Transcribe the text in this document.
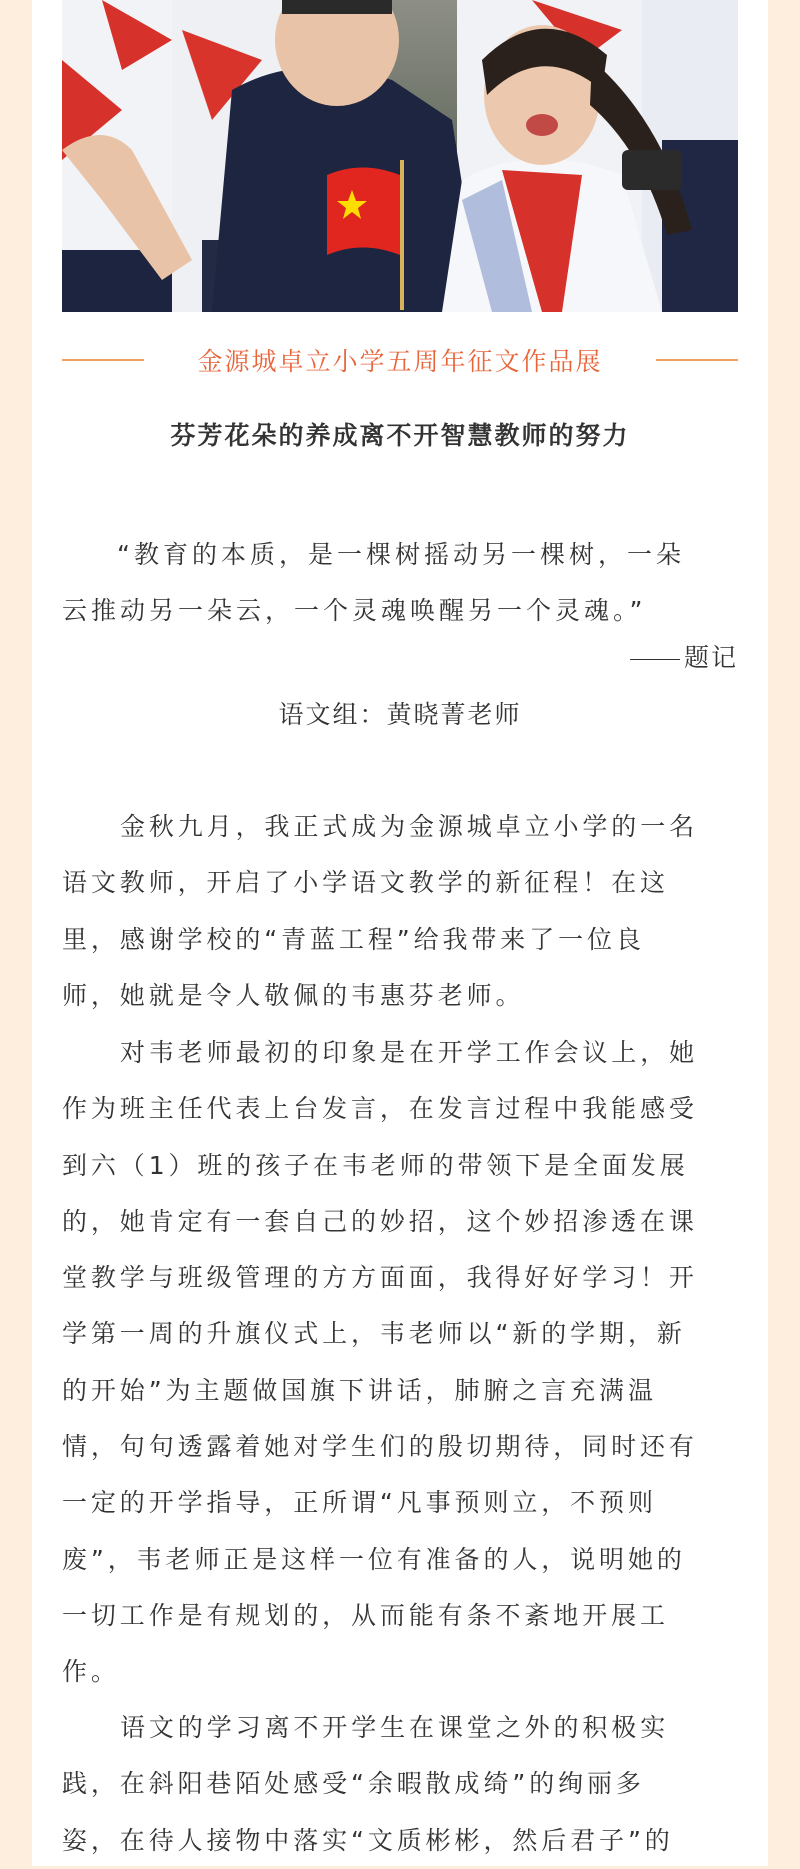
金源城卓立小学五周年征文作品展
芬芳花朵的养成离不开智慧教师的努力
“教育的本质，是一棵树摇动另一棵树，一朵
云推动另一朵云，一个灵魂唤醒另一个灵魂。”
题记
语文组：黄晓菁老师
金秋九月，我正式成为金源城卓立小学的一名
语文教师，开启了小学语文教学的新征程！在这
里，感谢学校的“青蓝工程”给我带来了一位良
师，她就是令人敬佩的韦惠芬老师。
对韦老师最初的印象是在开学工作会议上，她
作为班主任代表上台发言，在发言过程中我能感受
到六（1）班的孩子在韦老师的带领下是全面发展
的，她肯定有一套自己的妙招，这个妙招渗透在课
堂教学与班级管理的方方面面，我得好好学习！开
学第一周的升旗仪式上，韦老师以“新的学期，新
的开始”为主题做国旗下讲话，肺腑之言充满温
情，句句透露着她对学生们的殷切期待，同时还有
一定的开学指导，正所谓“凡事预则立，不预则
废”，韦老师正是这样一位有准备的人，说明她的
一切工作是有规划的，从而能有条不紊地开展工
作。
语文的学习离不开学生在课堂之外的积极实
践，在斜阳巷陌处感受“余暇散成绮”的绚丽多
姿，在待人接物中落实“文质彬彬，然后君子”的
